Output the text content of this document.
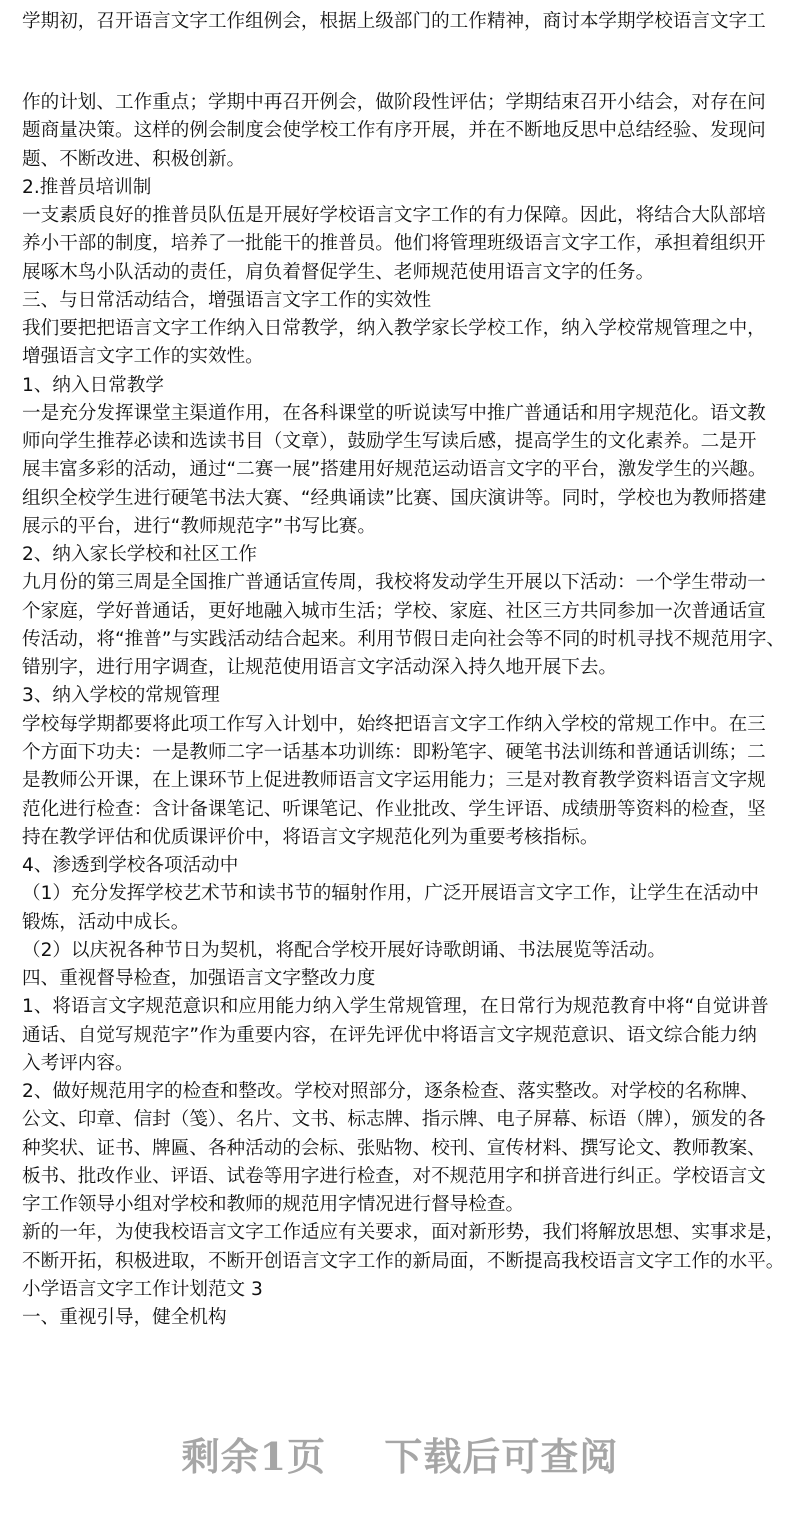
学期初，召开语言文字工作组例会，根据上级部门的工作精神，商讨本学期学校语言文字工
作的计划、工作重点；学期中再召开例会，做阶段性评估；学期结束召开小结会，对存在问
题商量决策。这样的例会制度会使学校工作有序开展，并在不断地反思中总结经验、发现问
题、不断改进、积极创新。
2.推普员培训制
一支素质良好的推普员队伍是开展好学校语言文字工作的有力保障。因此，将结合大队部培
养小干部的制度，培养了一批能干的推普员。他们将管理班级语言文字工作，承担着组织开
展啄木鸟小队活动的责任，肩负着督促学生、老师规范使用语言文字的任务。
三、与日常活动结合，增强语言文字工作的实效性
我们要把把语言文字工作纳入日常教学，纳入教学家长学校工作，纳入学校常规管理之中，
增强语言文字工作的实效性。
1、纳入日常教学
一是充分发挥课堂主渠道作用，在各科课堂的听说读写中推广普通话和用字规范化。语文教
师向学生推荐必读和选读书目（文章），鼓励学生写读后感，提高学生的文化素养。二是开
展丰富多彩的活动，通过“二赛一展”搭建用好规范运动语言文字的平台，激发学生的兴趣。
组织全校学生进行硬笔书法大赛、“经典诵读”比赛、国庆演讲等。同时，学校也为教师搭建
展示的平台，进行“教师规范字”书写比赛。
2、纳入家长学校和社区工作
九月份的第三周是全国推广普通话宣传周，我校将发动学生开展以下活动：一个学生带动一
个家庭，学好普通话，更好地融入城市生活；学校、家庭、社区三方共同参加一次普通话宣
传活动，将“推普”与实践活动结合起来。利用节假日走向社会等不同的时机寻找不规范用字、
错别字，进行用字调查，让规范使用语言文字活动深入持久地开展下去。
3、纳入学校的常规管理
学校每学期都要将此项工作写入计划中，始终把语言文字工作纳入学校的常规工作中。在三
个方面下功夫：一是教师二字一话基本功训练：即粉笔字、硬笔书法训练和普通话训练；二
是教师公开课，在上课环节上促进教师语言文字运用能力；三是对教育教学资料语言文字规
范化进行检查：含计备课笔记、听课笔记、作业批改、学生评语、成绩册等资料的检查，坚
持在教学评估和优质课评价中，将语言文字规范化列为重要考核指标。
4、渗透到学校各项活动中
（1）充分发挥学校艺术节和读书节的辐射作用，广泛开展语言文字工作，让学生在活动中
锻炼，活动中成长。
（2）以庆祝各种节日为契机，将配合学校开展好诗歌朗诵、书法展览等活动。
四、重视督导检查，加强语言文字整改力度
1、将语言文字规范意识和应用能力纳入学生常规管理，在日常行为规范教育中将“自觉讲普
通话、自觉写规范字”作为重要内容，在评先评优中将语言文字规范意识、语文综合能力纳
入考评内容。
2、做好规范用字的检查和整改。学校对照部分，逐条检查、落实整改。对学校的名称牌、
公文、印章、信封（笺）、名片、文书、标志牌、指示牌、电子屏幕、标语（牌），颁发的各
种奖状、证书、牌匾、各种活动的会标、张贴物、校刊、宣传材料、撰写论文、教师教案、
板书、批改作业、评语、试卷等用字进行检查，对不规范用字和拼音进行纠正。学校语言文
字工作领导小组对学校和教师的规范用字情况进行督导检查。
新的一年，为使我校语言文字工作适应有关要求，面对新形势，我们将解放思想、实事求是，
不断开拓，积极进取，不断开创语言文字工作的新局面，不断提高我校语言文字工作的水平。
小学语言文字工作计划范文 3
一、重视引导，健全机构
剩余1页 下载后可查阅
